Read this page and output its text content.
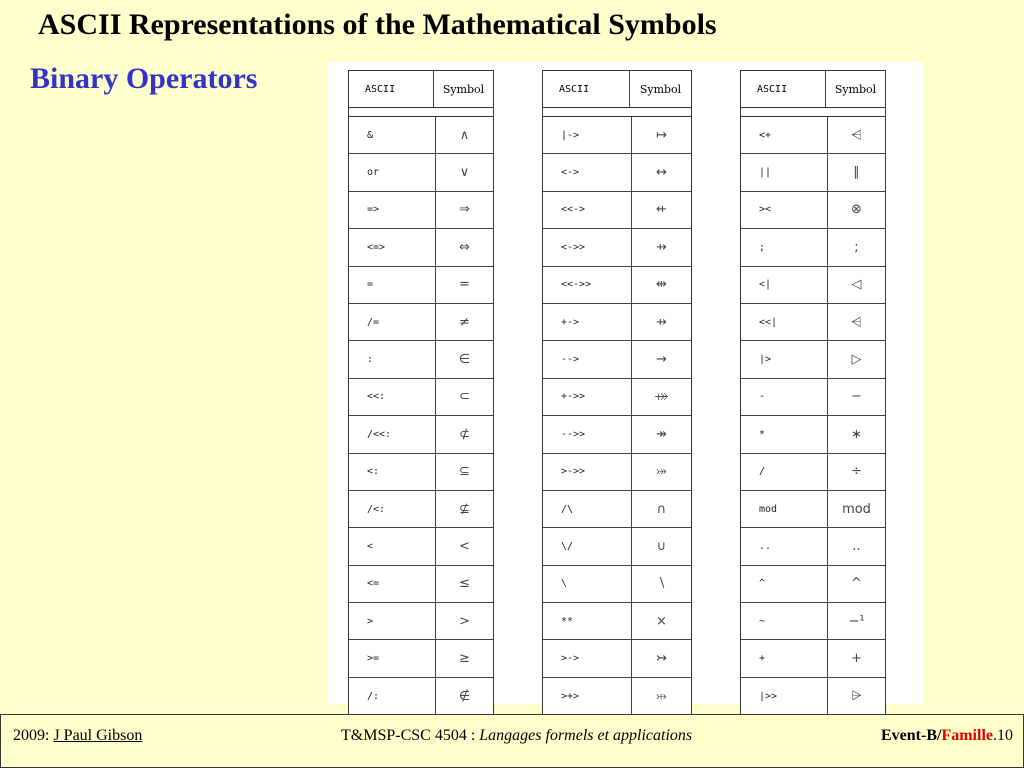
ASCII Representations of the Mathematical Symbols
Binary Operators	ASCII	Symbol
&	∧
or	∨
=>	⇒
<=>	⇔
=	=
/=	≠
:	∈
<<:	⊂
/<<:	⊄
<:	⊆
/<:	⊈
<	<
<=	≤
>	>
>=	≥
/:	∉
ASCII	Symbol
|->	↦
<->	↔
<<->	⇷
<->>	⇸
<<->>	⇹
+->	⇸
-->	→
+->>	⤀
-->>	↠
>->>	⤖
/\	∩
\/	∪
\	∖
**	×
>->	↣
>+>	⤔
ASCII	Symbol
<+	⩤
||	∥
><	⊗
;	;
<|	◁
<<|	⩤
|>	▷
-	−
*	∗
/	÷
mod	mod
..	..
^	^
~	−¹
+	+
|>>	⩥
2009: J Paul Gibson	T&MSP-CSC 4504 : Langages formels et applications	Event-B/Famille.10
